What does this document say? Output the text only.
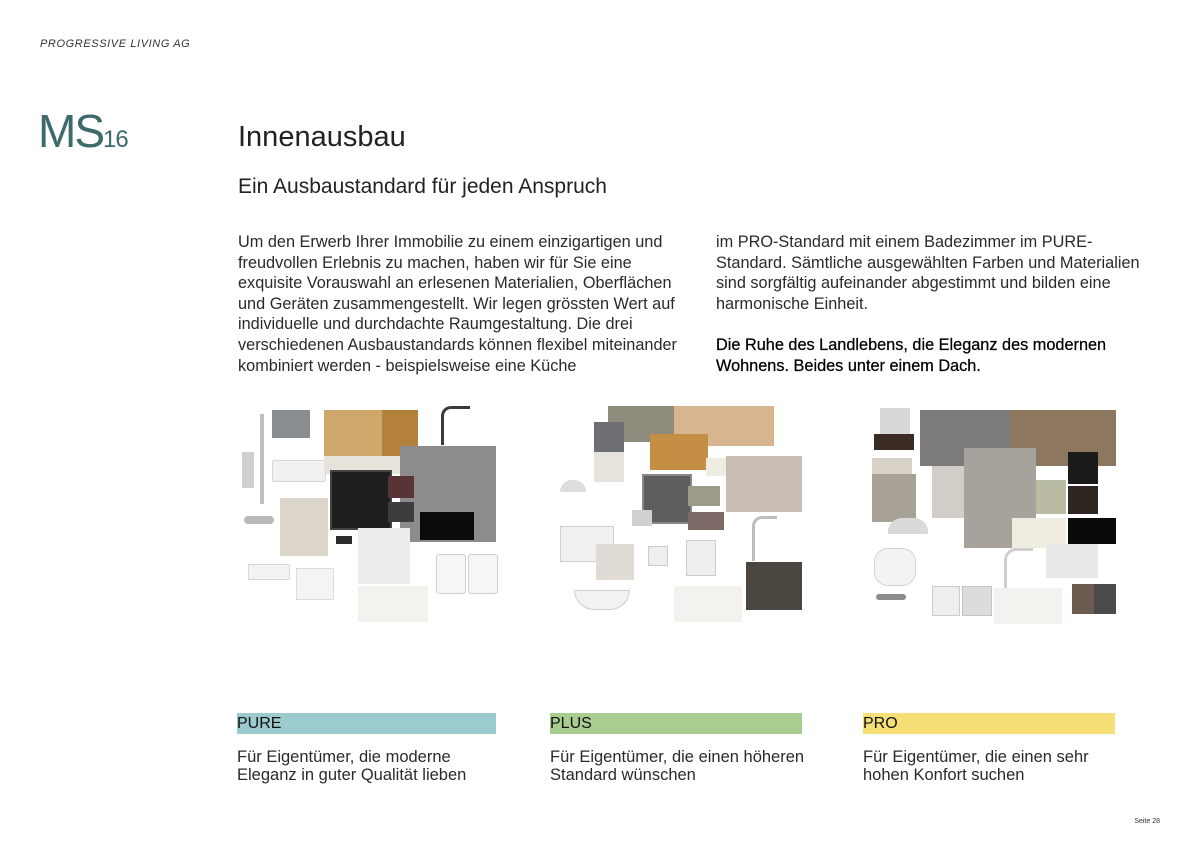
PROGRESSIVE LIVING AG
MS16	Innenausbau
Ein Ausbaustandard für jeden Anspruch
Um den Erwerb Ihrer Immobilie zu einem einzigartigen und freudvollen Erlebnis zu machen, haben wir für Sie eine exquisite Vorauswahl an erlesenen Materialien, Oberflächen und Geräten zusammengestellt. Wir legen grössten Wert auf individuelle und durchdachte Raumgestaltung. Die drei verschiedenen Ausbaustandards können flexibel miteinander kombiniert werden - beispielsweise eine Küche
im PRO-Standard mit einem Badezimmer im PURE-Standard. Sämtliche ausgewählten Farben und Materialien sind sorgfältig aufeinander abgestimmt und bilden eine harmonische Einheit.
Die Ruhe des Landlebens, die Eleganz des modernen Wohnens. Beides unter einem Dach.
PURE
Für Eigentümer, die moderne Eleganz in guter Qualität lieben
PLUS
Für Eigentümer, die einen höheren Standard wünschen
PRO
Für Eigentümer, die einen sehr hohen Konfort suchen
Seite 28
